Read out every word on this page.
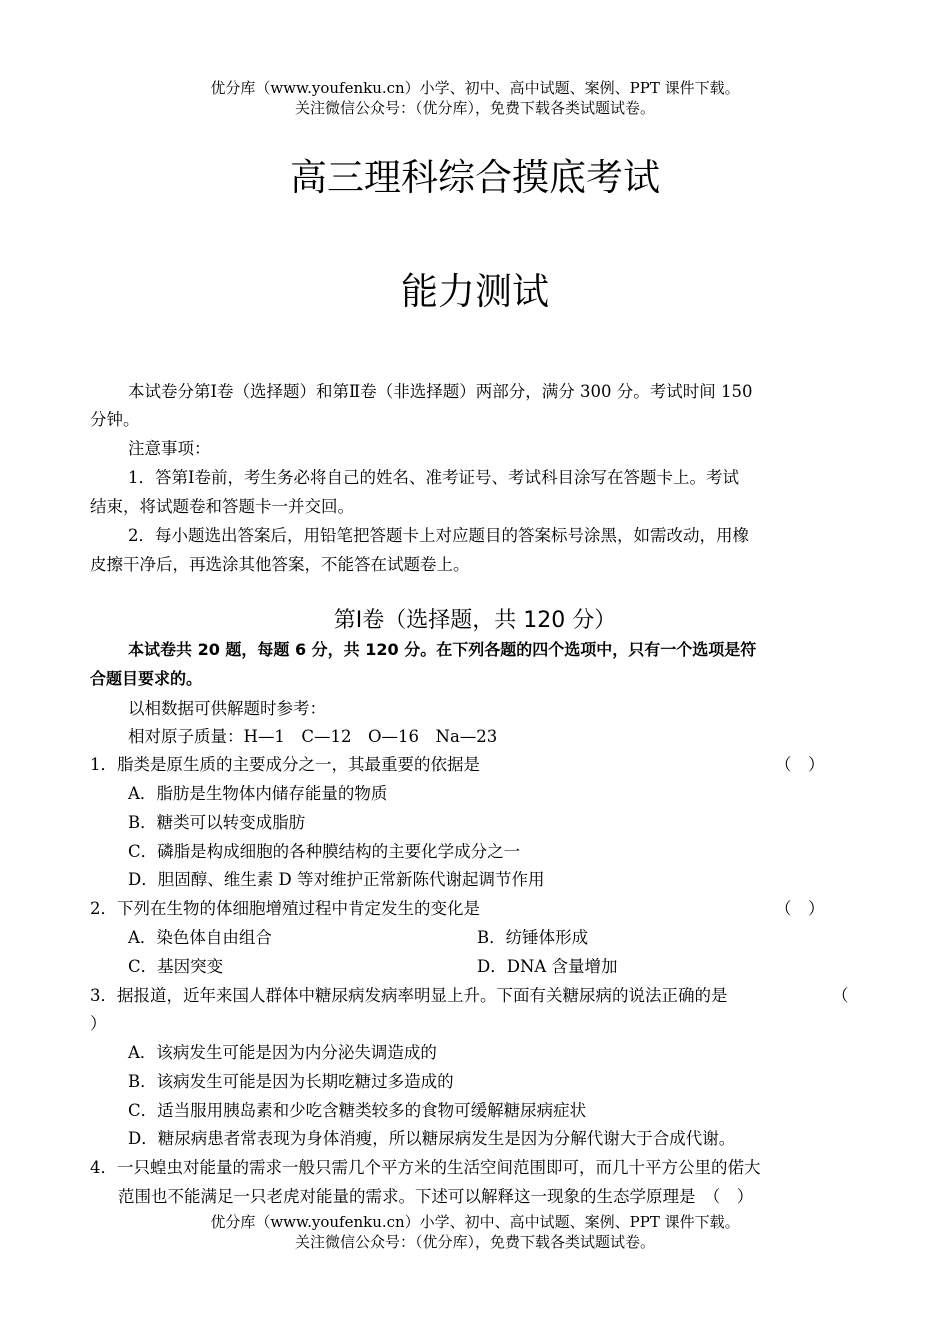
优分库（www.youfenku.cn）小学、初中、高中试题、案例、PPT 课件下载。
关注微信公众号：（优分库），免费下载各类试题试卷。
高三理科综合摸底考试
能力测试
本试卷分第Ⅰ卷（选择题）和第Ⅱ卷（非选择题）两部分，满分 300 分。考试时间 150
分钟。
注意事项：
1．答第Ⅰ卷前，考生务必将自己的姓名、准考证号、考试科目涂写在答题卡上。考试
结束，将试题卷和答题卡一并交回。
2．每小题选出答案后，用铅笔把答题卡上对应题目的答案标号涂黑，如需改动，用橡
皮擦干净后，再选涂其他答案，不能答在试题卷上。
第Ⅰ卷（选择题，共 120 分）
本试卷共 20 题，每题 6 分，共 120 分。在下列各题的四个选项中，只有一个选项是符
合题目要求的。
以相数据可供解题时参考：
相对原子质量：H—1　C—12　O—16　Na—23
1．脂类是原生质的主要成分之一，其最重要的依据是	（　）
A．脂肪是生物体内储存能量的物质
B．糖类可以转变成脂肪
C．磷脂是构成细胞的各种膜结构的主要化学成分之一
D．胆固醇、维生素 D 等对维护正常新陈代谢起调节作用
2．下列在生物的体细胞增殖过程中肯定发生的变化是	（　）
A．染色体自由组合	B．纺锤体形成
C．基因突变	D．DNA 含量增加
3．据报道，近年来国人群体中糖尿病发病率明显上升。下面有关糖尿病的说法正确的是	（
）
A．该病发生可能是因为内分泌失调造成的
B．该病发生可能是因为长期吃糖过多造成的
C．适当服用胰岛素和少吃含糖类较多的食物可缓解糖尿病症状
D．糖尿病患者常表现为身体消瘦，所以糖尿病发生是因为分解代谢大于合成代谢。
4．一只蝗虫对能量的需求一般只需几个平方米的生活空间范围即可，而几十平方公里的偌大
范围也不能满足一只老虎对能量的需求。下述可以解释这一现象的生态学原理是　（　）
优分库（www.youfenku.cn）小学、初中、高中试题、案例、PPT 课件下载。
关注微信公众号：（优分库），免费下载各类试题试卷。
